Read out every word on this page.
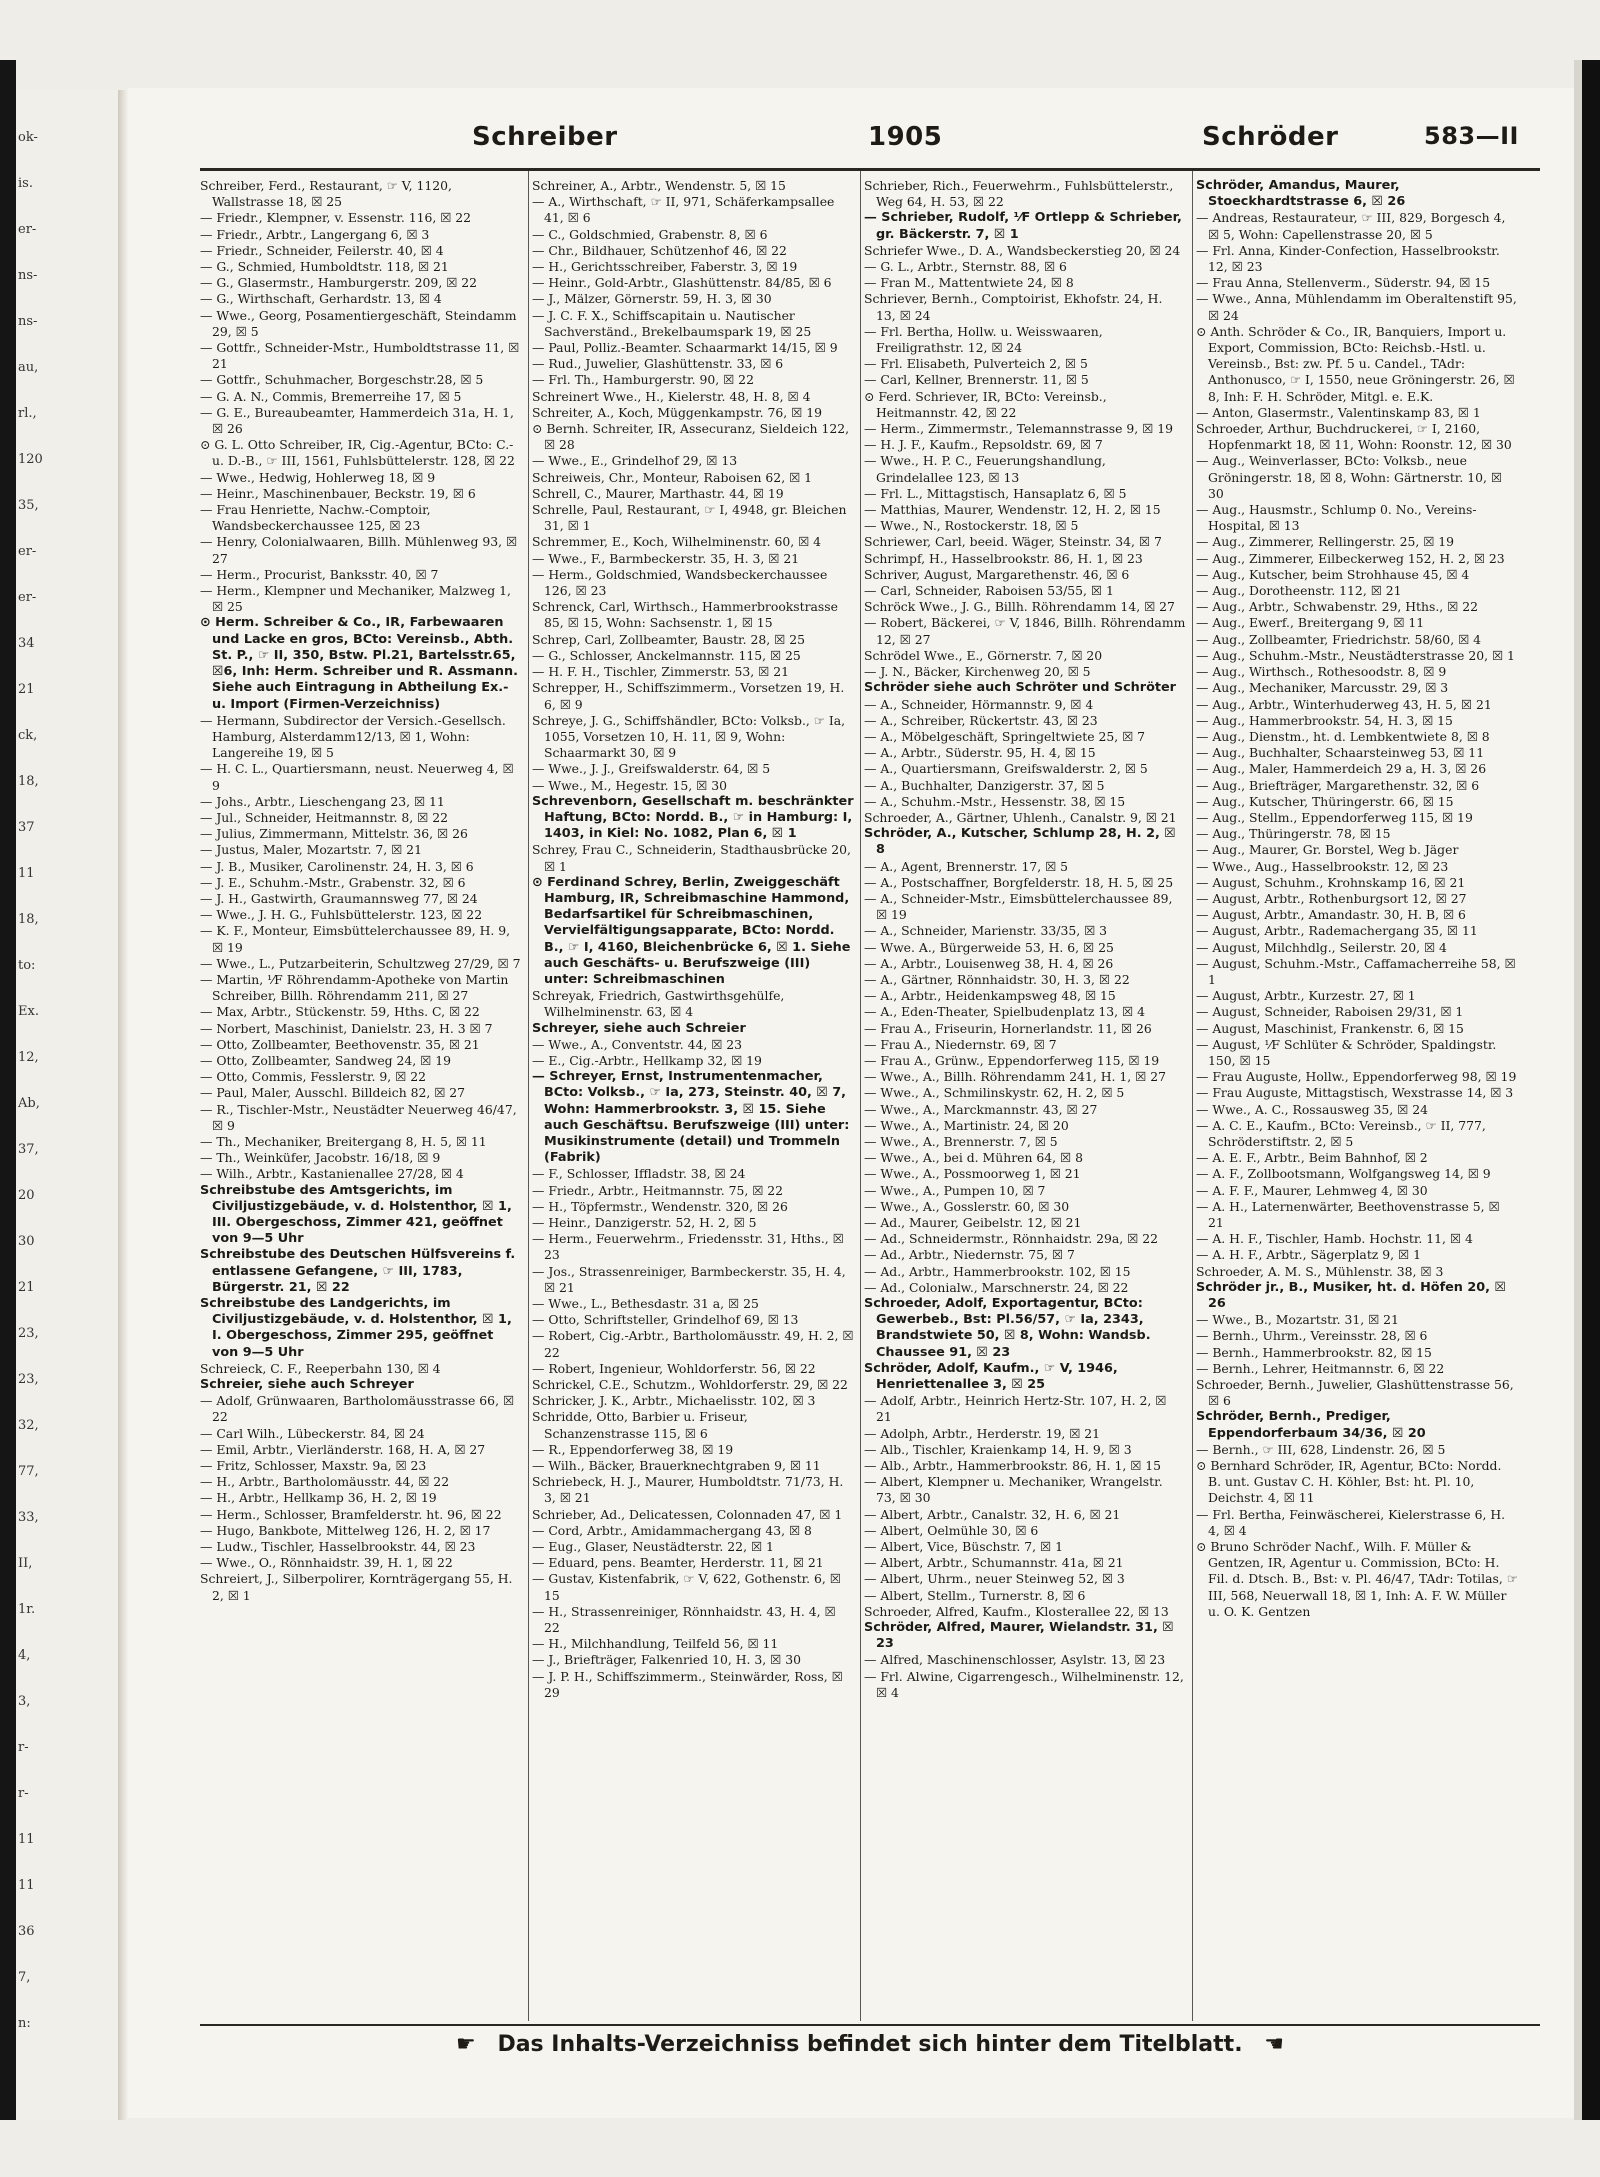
ok-
is.
er-
ns-
ns-
au,
rl.,
120
35,
er-
er-
34
21
ck,
18,
37
11
18,
to:
Ex.
12,
Ab,
37,
20
30
21
23,
23,
32,
77,
33,
II,
1r.
4,
3,
r-
r-
11
11
36
7,
n:
Schreiber	1905	Schröder	583—II

Schreiber, Ferd., Restaurant, ☞ V, 1120, Wallstrasse 18, ☒ 25

— Friedr., Klempner, v. Essenstr. 116, ☒ 22

— Friedr., Arbtr., Langergang 6, ☒ 3

— Friedr., Schneider, Feilerstr. 40, ☒ 4

— G., Schmied, Humboldtstr. 118, ☒ 21

— G., Glasermstr., Hamburgerstr. 209, ☒ 22

— G., Wirthschaft, Gerhardstr. 13, ☒ 4

— Wwe., Georg, Posamentiergeschäft, Steindamm 29, ☒ 5

— Gottfr., Schneider-Mstr., Humboldtstrasse 11, ☒ 21

— Gottfr., Schuhmacher, Borgeschstr.28, ☒ 5

— G. A. N., Commis, Bremerreihe 17, ☒ 5

— G. E., Bureaubeamter, Hammerdeich 31a, H. 1, ☒ 26

⊙ G. L. Otto Schreiber, IR, Cig.-Agentur, BCto: C.- u. D.-B., ☞ III, 1561, Fuhlsbüttelerstr. 128, ☒ 22

— Wwe., Hedwig, Hohlerweg 18, ☒ 9

— Heinr., Maschinenbauer, Beckstr. 19, ☒ 6

— Frau Henriette, Nachw.-Comptoir, Wandsbeckerchaussee 125, ☒ 23

— Henry, Colonialwaaren, Billh. Mühlenweg 93, ☒ 27

— Herm., Procurist, Banksstr. 40, ☒ 7

— Herm., Klempner und Mechaniker, Malzweg 1, ☒ 25

⊙ Herm. Schreiber & Co., IR, Farbewaaren und Lacke en gros, BCto: Vereinsb., Abth. St. P., ☞ II, 350, Bstw. Pl.21, Bartelsstr.65, ☒6, Inh: Herm. Schreiber und R. Assmann. Siehe auch Eintragung in Abtheilung Ex.- u. Import (Firmen-Verzeichniss)

— Hermann, Subdirector der Versich.-Gesellsch. Hamburg, Alsterdamm12/13, ☒ 1, Wohn: Langereihe 19, ☒ 5

— H. C. L., Quartiersmann, neust. Neuerweg 4, ☒ 9

— Johs., Arbtr., Lieschengang 23, ☒ 11

— Jul., Schneider, Heitmannstr. 8, ☒ 22

— Julius, Zimmermann, Mittelstr. 36, ☒ 26

— Justus, Maler, Mozartstr. 7, ☒ 21

— J. B., Musiker, Carolinenstr. 24, H. 3, ☒ 6

— J. E., Schuhm.-Mstr., Grabenstr. 32, ☒ 6

— J. H., Gastwirth, Graumannsweg 77, ☒ 24

— Wwe., J. H. G., Fuhlsbüttelerstr. 123, ☒ 22

— K. F., Monteur, Eimsbüttelerchaussee 89, H. 9, ☒ 19

— Wwe., L., Putzarbeiterin, Schultzweg 27/29, ☒ 7

— Martin, ⅟F Röhrendamm-Apotheke von Martin Schreiber, Billh. Röhrendamm 211, ☒ 27

— Max, Arbtr., Stückenstr. 59, Hths. C, ☒ 22

— Norbert, Maschinist, Danielstr. 23, H. 3 ☒ 7

— Otto, Zollbeamter, Beethovenstr. 35, ☒ 21

— Otto, Zollbeamter, Sandweg 24, ☒ 19

— Otto, Commis, Fesslerstr. 9, ☒ 22

— Paul, Maler, Ausschl. Billdeich 82, ☒ 27

— R., Tischler-Mstr., Neustädter Neuerweg 46/47, ☒ 9

— Th., Mechaniker, Breitergang 8, H. 5, ☒ 11

— Th., Weinküfer, Jacobstr. 16/18, ☒ 9

— Wilh., Arbtr., Kastanienallee 27/28, ☒ 4

Schreibstube des Amtsgerichts, im Civiljustizgebäude, v. d. Holstenthor, ☒ 1, III. Obergeschoss, Zimmer 421, geöffnet von 9—5 Uhr

Schreibstube des Deutschen Hülfsvereins f. entlassene Gefangene, ☞ III, 1783, Bürgerstr. 21, ☒ 22

Schreibstube des Landgerichts, im Civiljustizgebäude, v. d. Holstenthor, ☒ 1, I. Obergeschoss, Zimmer 295, geöffnet von 9—5 Uhr

Schreieck, C. F., Reeperbahn 130, ☒ 4

Schreier, siehe auch Schreyer

— Adolf, Grünwaaren, Bartholomäusstrasse 66, ☒ 22

— Carl Wilh., Lübeckerstr. 84, ☒ 24

— Emil, Arbtr., Vierländerstr. 168, H. A, ☒ 27

— Fritz, Schlosser, Maxstr. 9a, ☒ 23

— H., Arbtr., Bartholomäusstr. 44, ☒ 22

— H., Arbtr., Hellkamp 36, H. 2, ☒ 19

— Herm., Schlosser, Bramfelderstr. ht. 96, ☒ 22

— Hugo, Bankbote, Mittelweg 126, H. 2, ☒ 17

— Ludw., Tischler, Hasselbrookstr. 44, ☒ 23

— Wwe., O., Rönnhaidstr. 39, H. 1, ☒ 22

Schreiert, J., Silberpolirer, Kornträgergang 55, H. 2, ☒ 1

Schreiner, A., Arbtr., Wendenstr. 5, ☒ 15

— A., Wirthschaft, ☞ II, 971, Schäferkampsallee 41, ☒ 6

— C., Goldschmied, Grabenstr. 8, ☒ 6

— Chr., Bildhauer, Schützenhof 46, ☒ 22

— H., Gerichtsschreiber, Faberstr. 3, ☒ 19

— Heinr., Gold-Arbtr., Glashüttenstr. 84/85, ☒ 6

— J., Mälzer, Görnerstr. 59, H. 3, ☒ 30

— J. C. F. X., Schiffscapitain u. Nautischer Sachverständ., Brekelbaumspark 19, ☒ 25

— Paul, Polliz.-Beamter. Schaarmarkt 14/15, ☒ 9

— Rud., Juwelier, Glashüttenstr. 33, ☒ 6

— Frl. Th., Hamburgerstr. 90, ☒ 22

Schreinert Wwe., H., Kielerstr. 48, H. 8, ☒ 4

Schreiter, A., Koch, Müggenkampstr. 76, ☒ 19

⊙ Bernh. Schreiter, IR, Assecuranz, Sieldeich 122, ☒ 28

— Wwe., E., Grindelhof 29, ☒ 13

Schreiweis, Chr., Monteur, Raboisen 62, ☒ 1

Schrell, C., Maurer, Marthastr. 44, ☒ 19

Schrelle, Paul, Restaurant, ☞ I, 4948, gr. Bleichen 31, ☒ 1

Schremmer, E., Koch, Wilhelminenstr. 60, ☒ 4

— Wwe., F., Barmbeckerstr. 35, H. 3, ☒ 21

— Herm., Goldschmied, Wandsbeckerchaussee 126, ☒ 23

Schrenck, Carl, Wirthsch., Hammerbrookstrasse 85, ☒ 15, Wohn: Sachsenstr. 1, ☒ 15

Schrep, Carl, Zollbeamter, Baustr. 28, ☒ 25

— G., Schlosser, Anckelmannstr. 115, ☒ 25

— H. F. H., Tischler, Zimmerstr. 53, ☒ 21

Schrepper, H., Schiffszimmerm., Vorsetzen 19, H. 6, ☒ 9

Schreye, J. G., Schiffshändler, BCto: Volksb., ☞ Ia, 1055, Vorsetzen 10, H. 11, ☒ 9, Wohn: Schaarmarkt 30, ☒ 9

— Wwe., J. J., Greifswalderstr. 64, ☒ 5

— Wwe., M., Hegestr. 15, ☒ 30

Schrevenborn, Gesellschaft m. beschränkter Haftung, BCto: Nordd. B., ☞ in Hamburg: I, 1403, in Kiel: No. 1082, Plan 6, ☒ 1

Schrey, Frau C., Schneiderin, Stadthausbrücke 20, ☒ 1

⊙ Ferdinand Schrey, Berlin, Zweiggeschäft Hamburg, IR, Schreibmaschine Hammond, Bedarfsartikel für Schreibmaschinen, Vervielfältigungsapparate, BCto: Nordd. B., ☞ I, 4160, Bleichenbrücke 6, ☒ 1. Siehe auch Geschäfts- u. Berufszweige (III) unter: Schreibmaschinen

Schreyak, Friedrich, Gastwirthsgehülfe, Wilhelminenstr. 63, ☒ 4

Schreyer, siehe auch Schreier

— Wwe., A., Conventstr. 44, ☒ 23

— E., Cig.-Arbtr., Hellkamp 32, ☒ 19

— Schreyer, Ernst, Instrumentenmacher, BCto: Volksb., ☞ Ia, 273, Steinstr. 40, ☒ 7, Wohn: Hammerbrookstr. 3, ☒ 15. Siehe auch Geschäftsu. Berufszweige (III) unter: Musikinstrumente (detail) und Trommeln (Fabrik)

— F., Schlosser, Iffladstr. 38, ☒ 24

— Friedr., Arbtr., Heitmannstr. 75, ☒ 22

— H., Töpfermstr., Wendenstr. 320, ☒ 26

— Heinr., Danzigerstr. 52, H. 2, ☒ 5

— Herm., Feuerwehrm., Friedensstr. 31, Hths., ☒ 23

— Jos., Strassenreiniger, Barmbeckerstr. 35, H. 4, ☒ 21

— Wwe., L., Bethesdastr. 31 a, ☒ 25

— Otto, Schriftsteller, Grindelhof 69, ☒ 13

— Robert, Cig.-Arbtr., Bartholomäusstr. 49, H. 2, ☒ 22

— Robert, Ingenieur, Wohldorferstr. 56, ☒ 22

Schrickel, C.E., Schutzm., Wohldorferstr. 29, ☒ 22

Schricker, J. K., Arbtr., Michaelisstr. 102, ☒ 3

Schridde, Otto, Barbier u. Friseur, Schanzenstrasse 115, ☒ 6

— R., Eppendorferweg 38, ☒ 19

— Wilh., Bäcker, Brauerknechtgraben 9, ☒ 11

Schriebeck, H. J., Maurer, Humboldtstr. 71/73, H. 3, ☒ 21

Schrieber, Ad., Delicatessen, Colonnaden 47, ☒ 1

— Cord, Arbtr., Amidammachergang 43, ☒ 8

— Eug., Glaser, Neustädterstr. 22, ☒ 1

— Eduard, pens. Beamter, Herderstr. 11, ☒ 21

— Gustav, Kistenfabrik, ☞ V, 622, Gothenstr. 6, ☒ 15

— H., Strassenreiniger, Rönnhaidstr. 43, H. 4, ☒ 22

— H., Milchhandlung, Teilfeld 56, ☒ 11

— J., Briefträger, Falkenried 10, H. 3, ☒ 30

— J. P. H., Schiffszimmerm., Steinwärder, Ross, ☒ 29

Schrieber, Rich., Feuerwehrm., Fuhlsbüttelerstr., Weg 64, H. 53, ☒ 22

— Schrieber, Rudolf, ⅟F Ortlepp & Schrieber, gr. Bäckerstr. 7, ☒ 1

Schriefer Wwe., D. A., Wandsbeckerstieg 20, ☒ 24

— G. L., Arbtr., Sternstr. 88, ☒ 6

— Fran M., Mattentwiete 24, ☒ 8

Schriever, Bernh., Comptoirist, Ekhofstr. 24, H. 13, ☒ 24

— Frl. Bertha, Hollw. u. Weisswaaren, Freiligrathstr. 12, ☒ 24

— Frl. Elisabeth, Pulverteich 2, ☒ 5

— Carl, Kellner, Brennerstr. 11, ☒ 5

⊙ Ferd. Schriever, IR, BCto: Vereinsb., Heitmannstr. 42, ☒ 22

— Herm., Zimmermstr., Telemannstrasse 9, ☒ 19

— H. J. F., Kaufm., Repsoldstr. 69, ☒ 7

— Wwe., H. P. C., Feuerungshandlung, Grindelallee 123, ☒ 13

— Frl. L., Mittagstisch, Hansaplatz 6, ☒ 5

— Matthias, Maurer, Wendenstr. 12, H. 2, ☒ 15

— Wwe., N., Rostockerstr. 18, ☒ 5

Schriewer, Carl, beeid. Wäger, Steinstr. 34, ☒ 7

Schrimpf, H., Hasselbrookstr. 86, H. 1, ☒ 23

Schriver, August, Margarethenstr. 46, ☒ 6

— Carl, Schneider, Raboisen 53/55, ☒ 1

Schröck Wwe., J. G., Billh. Röhrendamm 14, ☒ 27

— Robert, Bäckerei, ☞ V, 1846, Billh. Röhrendamm 12, ☒ 27

Schrödel Wwe., E., Görnerstr. 7, ☒ 20

— J. N., Bäcker, Kirchenweg 20, ☒ 5

Schröder siehe auch Schröter und Schröter

— A., Schneider, Hörmannstr. 9, ☒ 4

— A., Schreiber, Rückertstr. 43, ☒ 23

— A., Möbelgeschäft, Springeltwiete 25, ☒ 7

— A., Arbtr., Süderstr. 95, H. 4, ☒ 15

— A., Quartiersmann, Greifswalderstr. 2, ☒ 5

— A., Buchhalter, Danzigerstr. 37, ☒ 5

— A., Schuhm.-Mstr., Hessenstr. 38, ☒ 15

Schroeder, A., Gärtner, Uhlenh., Canalstr. 9, ☒ 21

Schröder, A., Kutscher, Schlump 28, H. 2, ☒ 8

— A., Agent, Brennerstr. 17, ☒ 5

— A., Postschaffner, Borgfelderstr. 18, H. 5, ☒ 25

— A., Schneider-Mstr., Eimsbüttelerchaussee 89, ☒ 19

— A., Schneider, Marienstr. 33/35, ☒ 3

— Wwe. A., Bürgerweide 53, H. 6, ☒ 25

— A., Arbtr., Louisenweg 38, H. 4, ☒ 26

— A., Gärtner, Rönnhaidstr. 30, H. 3, ☒ 22

— A., Arbtr., Heidenkampsweg 48, ☒ 15

— A., Eden-Theater, Spielbudenplatz 13, ☒ 4

— Frau A., Friseurin, Hornerlandstr. 11, ☒ 26

— Frau A., Niedernstr. 69, ☒ 7

— Frau A., Grünw., Eppendorferweg 115, ☒ 19

— Wwe., A., Billh. Röhrendamm 241, H. 1, ☒ 27

— Wwe., A., Schmilinskystr. 62, H. 2, ☒ 5

— Wwe., A., Marckmannstr. 43, ☒ 27

— Wwe., A., Martinistr. 24, ☒ 20

— Wwe., A., Brennerstr. 7, ☒ 5

— Wwe., A., bei d. Mühren 64, ☒ 8

— Wwe., A., Possmoorweg 1, ☒ 21

— Wwe., A., Pumpen 10, ☒ 7

— Wwe., A., Gosslerstr. 60, ☒ 30

— Ad., Maurer, Geibelstr. 12, ☒ 21

— Ad., Schneidermstr., Rönnhaidstr. 29a, ☒ 22

— Ad., Arbtr., Niedernstr. 75, ☒ 7

— Ad., Arbtr., Hammerbrookstr. 102, ☒ 15

— Ad., Colonialw., Marschnerstr. 24, ☒ 22

Schroeder, Adolf, Exportagentur, BCto: Gewerbeb., Bst: Pl.56/57, ☞ Ia, 2343, Brandstwiete 50, ☒ 8, Wohn: Wandsb. Chaussee 91, ☒ 23

Schröder, Adolf, Kaufm., ☞ V, 1946, Henriettenallee 3, ☒ 25

— Adolf, Arbtr., Heinrich Hertz-Str. 107, H. 2, ☒ 21

— Adolph, Arbtr., Herderstr. 19, ☒ 21

— Alb., Tischler, Kraienkamp 14, H. 9, ☒ 3

— Alb., Arbtr., Hammerbrookstr. 86, H. 1, ☒ 15

— Albert, Klempner u. Mechaniker, Wrangelstr. 73, ☒ 30

— Albert, Arbtr., Canalstr. 32, H. 6, ☒ 21

— Albert, Oelmühle 30, ☒ 6

— Albert, Vice, Büschstr. 7, ☒ 1

— Albert, Arbtr., Schumannstr. 41a, ☒ 21

— Albert, Uhrm., neuer Steinweg 52, ☒ 3

— Albert, Stellm., Turnerstr. 8, ☒ 6

Schroeder, Alfred, Kaufm., Klosterallee 22, ☒ 13

Schröder, Alfred, Maurer, Wielandstr. 31, ☒ 23

— Alfred, Maschinenschlosser, Asylstr. 13, ☒ 23

— Frl. Alwine, Cigarrengesch., Wilhelminenstr. 12, ☒ 4

Schröder, Amandus, Maurer, Stoeckhardtstrasse 6, ☒ 26

— Andreas, Restaurateur, ☞ III, 829, Borgesch 4, ☒ 5, Wohn: Capellenstrasse 20, ☒ 5

— Frl. Anna, Kinder-Confection, Hasselbrookstr. 12, ☒ 23

— Frau Anna, Stellenverm., Süderstr. 94, ☒ 15

— Wwe., Anna, Mühlendamm im Oberaltenstift 95, ☒ 24

⊙ Anth. Schröder & Co., IR, Banquiers, Import u. Export, Commission, BCto: Reichsb.-Hstl. u. Vereinsb., Bst: zw. Pf. 5 u. Candel., TAdr: Anthonusco, ☞ I, 1550, neue Gröningerstr. 26, ☒ 8, Inh: F. H. Schröder, Mitgl. e. E.K.

— Anton, Glasermstr., Valentinskamp 83, ☒ 1

Schroeder, Arthur, Buchdruckerei, ☞ I, 2160, Hopfenmarkt 18, ☒ 11, Wohn: Roonstr. 12, ☒ 30

— Aug., Weinverlasser, BCto: Volksb., neue Gröningerstr. 18, ☒ 8, Wohn: Gärtnerstr. 10, ☒ 30

— Aug., Hausmstr., Schlump 0. No., Vereins-Hospital, ☒ 13

— Aug., Zimmerer, Rellingerstr. 25, ☒ 19

— Aug., Zimmerer, Eilbeckerweg 152, H. 2, ☒ 23

— Aug., Kutscher, beim Strohhause 45, ☒ 4

— Aug., Dorotheenstr. 112, ☒ 21

— Aug., Arbtr., Schwabenstr. 29, Hths., ☒ 22

— Aug., Ewerf., Breitergang 9, ☒ 11

— Aug., Zollbeamter, Friedrichstr. 58/60, ☒ 4

— Aug., Schuhm.-Mstr., Neustädterstrasse 20, ☒ 1

— Aug., Wirthsch., Rothesoodstr. 8, ☒ 9

— Aug., Mechaniker, Marcusstr. 29, ☒ 3

— Aug., Arbtr., Winterhuderweg 43, H. 5, ☒ 21

— Aug., Hammerbrookstr. 54, H. 3, ☒ 15

— Aug., Dienstm., ht. d. Lembkentwiete 8, ☒ 8

— Aug., Buchhalter, Schaarsteinweg 53, ☒ 11

— Aug., Maler, Hammerdeich 29 a, H. 3, ☒ 26

— Aug., Briefträger, Margarethenstr. 32, ☒ 6

— Aug., Kutscher, Thüringerstr. 66, ☒ 15

— Aug., Stellm., Eppendorferweg 115, ☒ 19

— Aug., Thüringerstr. 78, ☒ 15

— Aug., Maurer, Gr. Borstel, Weg b. Jäger

— Wwe., Aug., Hasselbrookstr. 12, ☒ 23

— August, Schuhm., Krohnskamp 16, ☒ 21

— August, Arbtr., Rothenburgsort 12, ☒ 27

— August, Arbtr., Amandastr. 30, H. B, ☒ 6

— August, Arbtr., Rademachergang 35, ☒ 11

— August, Milchhdlg., Seilerstr. 20, ☒ 4

— August, Schuhm.-Mstr., Caffamacherreihe 58, ☒ 1

— August, Arbtr., Kurzestr. 27, ☒ 1

— August, Schneider, Raboisen 29/31, ☒ 1

— August, Maschinist, Frankenstr. 6, ☒ 15

— August, ⅟F Schlüter & Schröder, Spaldingstr. 150, ☒ 15

— Frau Auguste, Hollw., Eppendorferweg 98, ☒ 19

— Frau Auguste, Mittagstisch, Wexstrasse 14, ☒ 3

— Wwe., A. C., Rossausweg 35, ☒ 24

— A. C. E., Kaufm., BCto: Vereinsb., ☞ II, 777, Schröderstiftstr. 2, ☒ 5

— A. E. F., Arbtr., Beim Bahnhof, ☒ 2

— A. F., Zollbootsmann, Wolfgangsweg 14, ☒ 9

— A. F. F., Maurer, Lehmweg 4, ☒ 30

— A. H., Laternenwärter, Beethovenstrasse 5, ☒ 21

— A. H. F., Tischler, Hamb. Hochstr. 11, ☒ 4

— A. H. F., Arbtr., Sägerplatz 9, ☒ 1

Schroeder, A. M. S., Mühlenstr. 38, ☒ 3

Schröder jr., B., Musiker, ht. d. Höfen 20, ☒ 26

— Wwe., B., Mozartstr. 31, ☒ 21

— Bernh., Uhrm., Vereinsstr. 28, ☒ 6

— Bernh., Hammerbrookstr. 82, ☒ 15

— Bernh., Lehrer, Heitmannstr. 6, ☒ 22

Schroeder, Bernh., Juwelier, Glashüttenstrasse 56, ☒ 6

Schröder, Bernh., Prediger, Eppendorferbaum 34/36, ☒ 20

— Bernh., ☞ III, 628, Lindenstr. 26, ☒ 5

⊙ Bernhard Schröder, IR, Agentur, BCto: Nordd. B. unt. Gustav C. H. Köhler, Bst: ht. Pl. 10, Deichstr. 4, ☒ 11

— Frl. Bertha, Feinwäscherei, Kielerstrasse 6, H. 4, ☒ 4

⊙ Bruno Schröder Nachf., Wilh. F. Müller & Gentzen, IR, Agentur u. Commission, BCto: H. Fil. d. Dtsch. B., Bst: v. Pl. 46/47, TAdr: Totilas, ☞ III, 568, Neuerwall 18, ☒ 1, Inh: A. F. W. Müller u. O. K. Gentzen

☛ Das Inhalts-Verzeichniss befindet sich hinter dem Titelblatt. ☚
